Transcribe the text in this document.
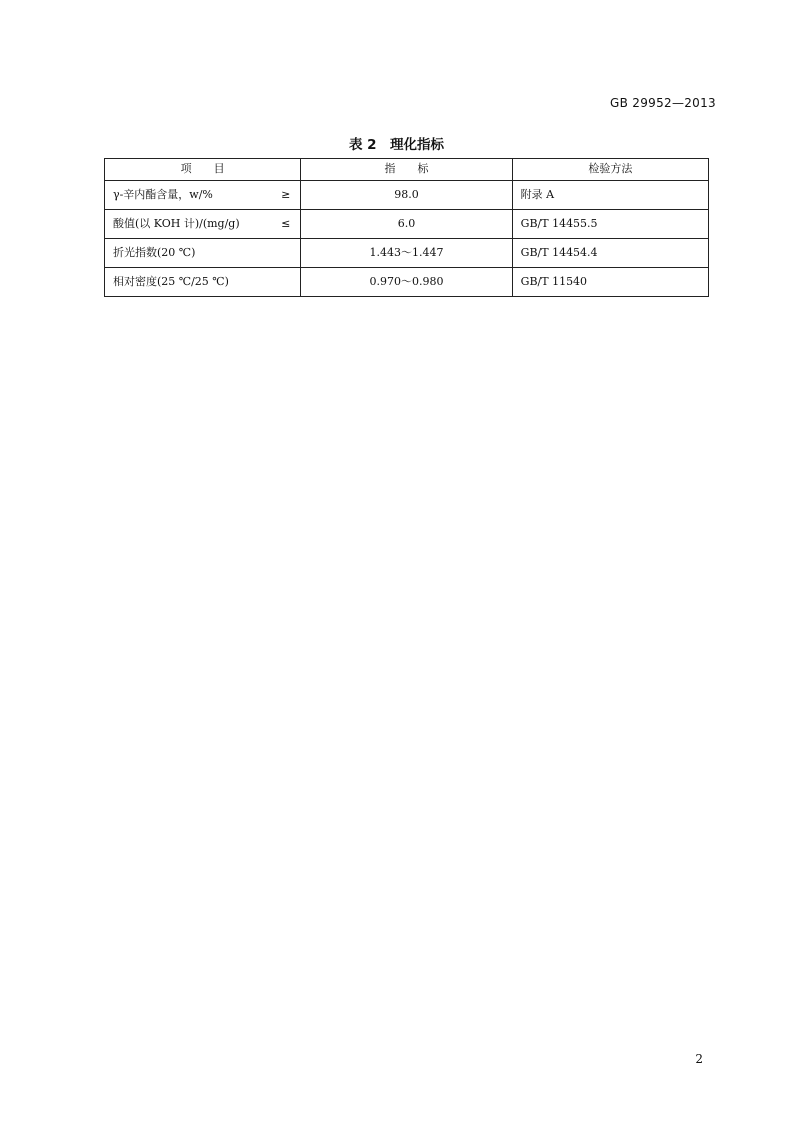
GB 29952—2013
表 2　理化指标
项　　目	指　　标	检验方法

γ-辛内酯含量，w/% ≥	98.0	附录 A

酸值(以 KOH 计)/(mg/g) ≤	6.0	GB/T 14455.5

折光指数(20 ℃)	1.443～1.447	GB/T 14454.4

相对密度(25 ℃/25 ℃)	0.970～0.980	GB/T 11540
2
